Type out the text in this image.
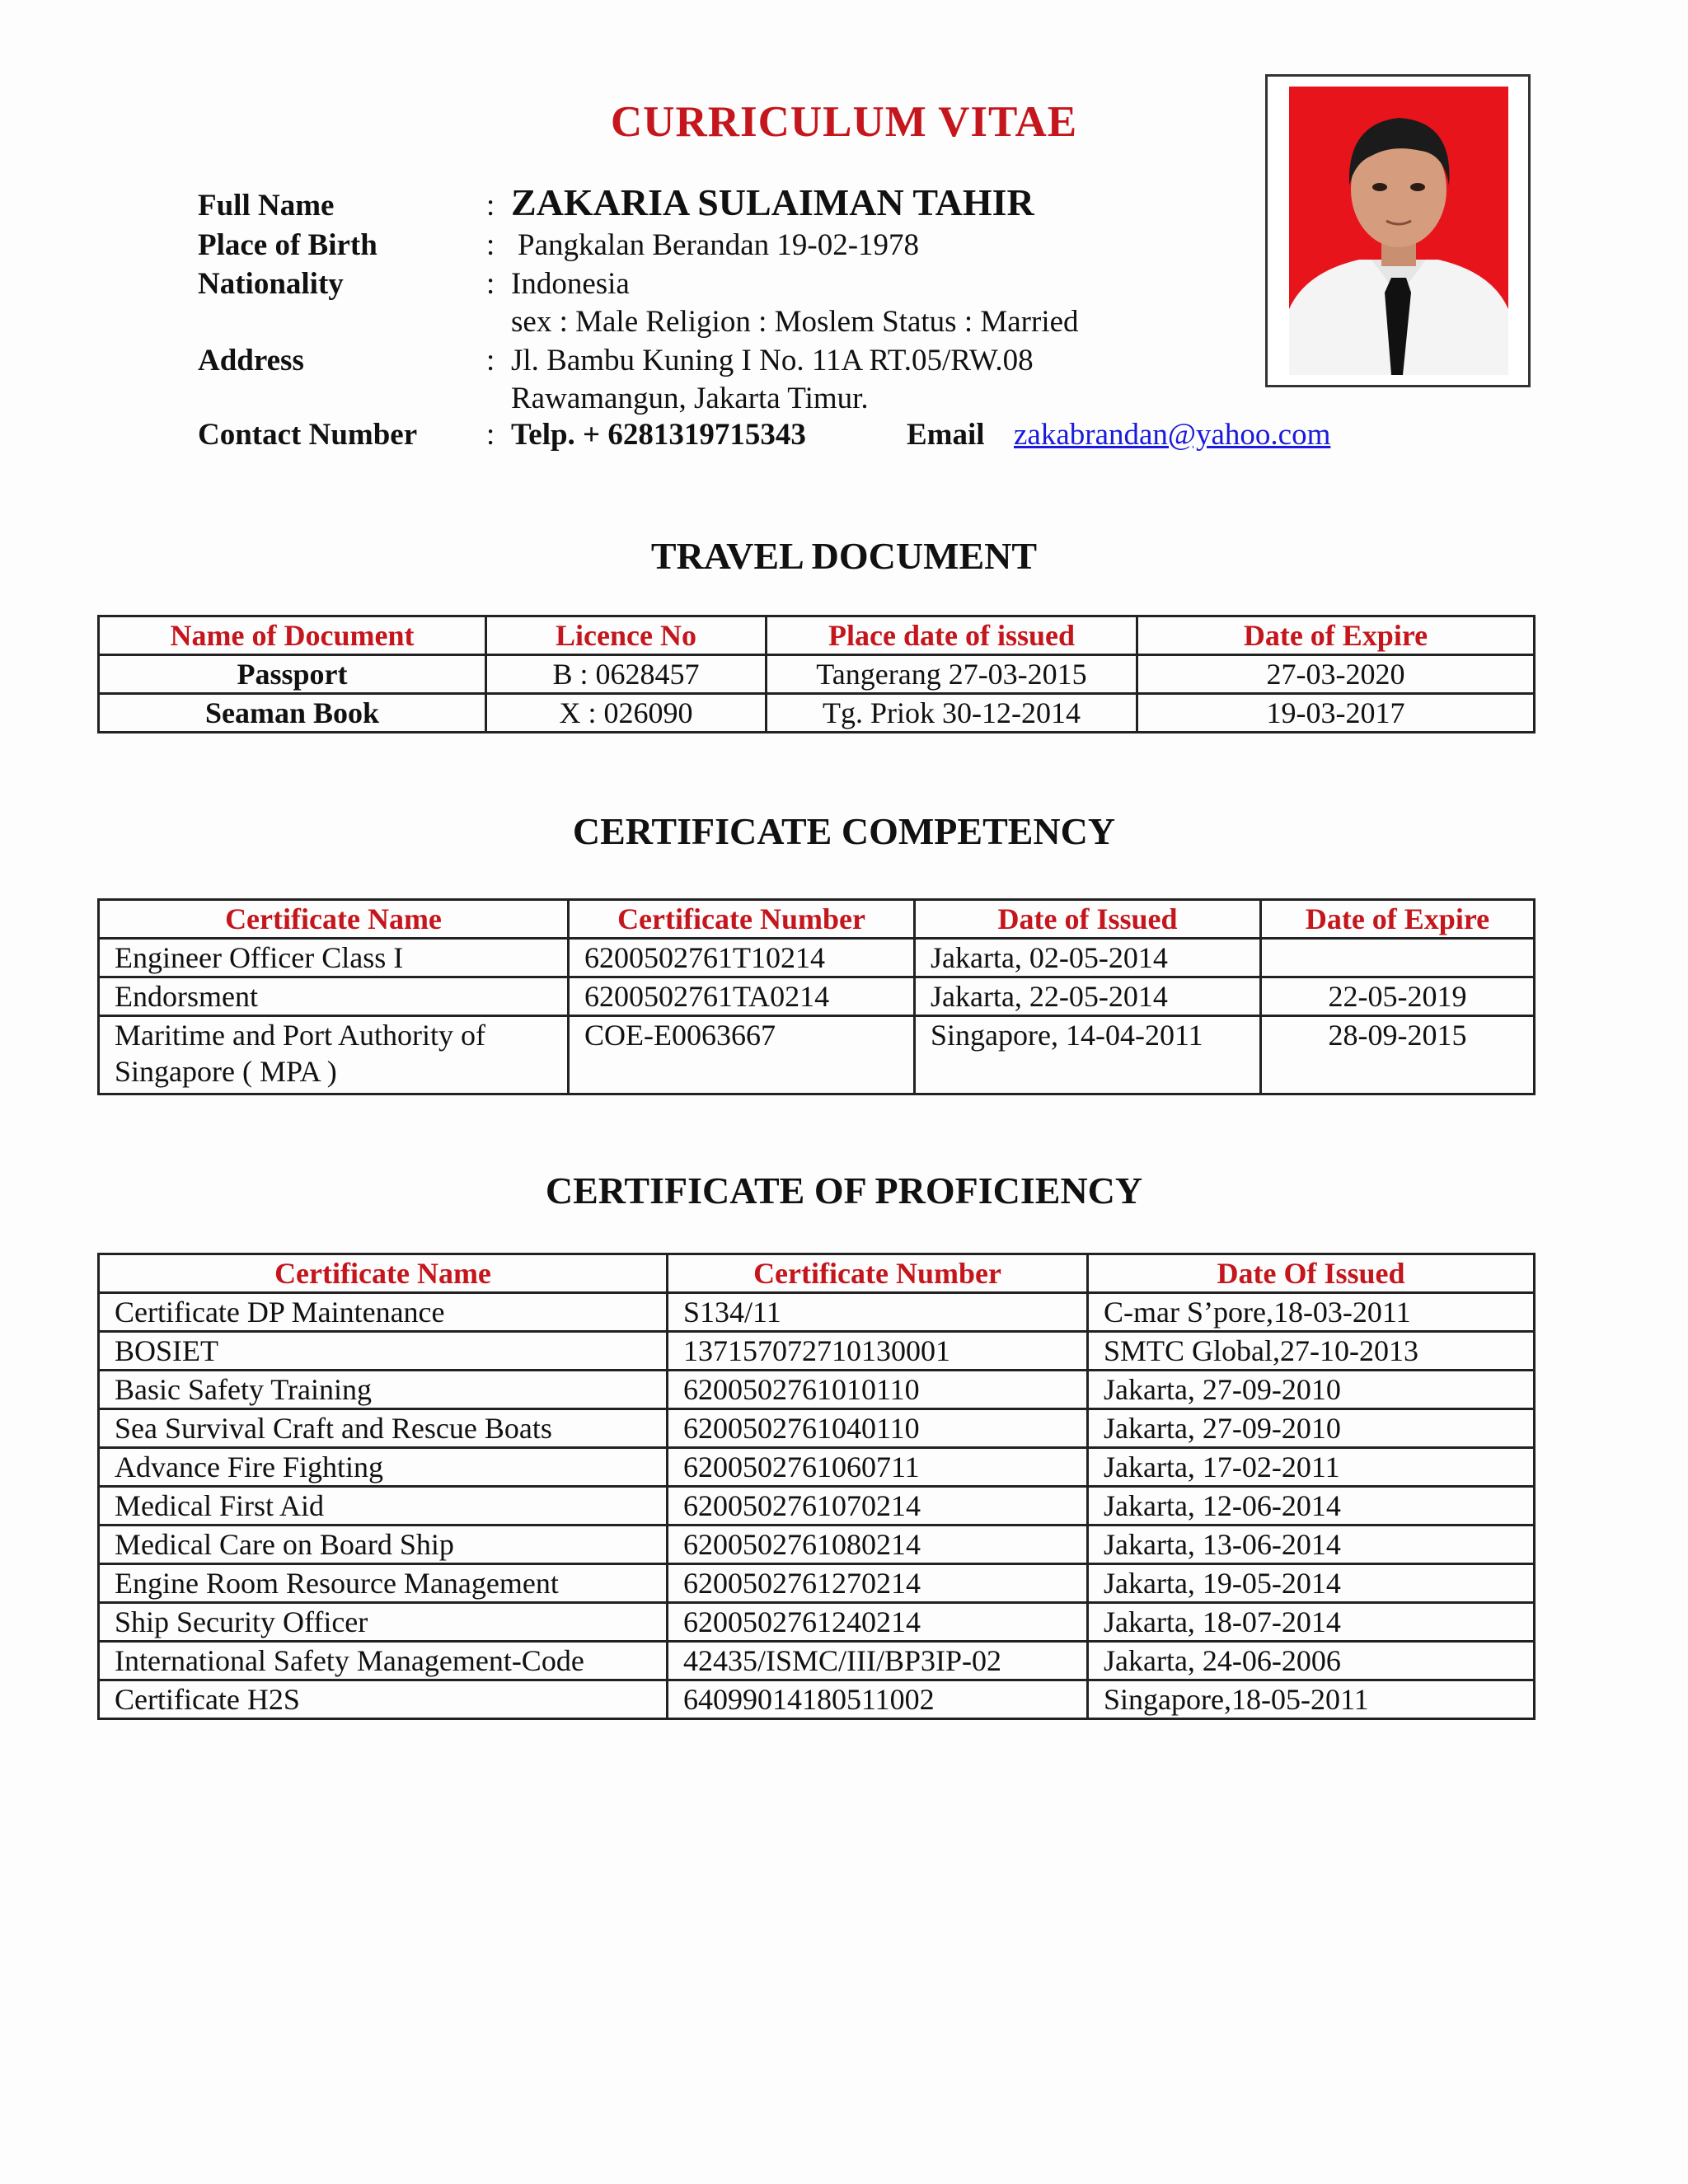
CURRICULUM VITAE
Full Name	: ZAKARIA SULAIMAN TAHIR
Place of Birth	: Pangkalan Berandan 19-02-1978
Nationality	: Indonesia
sex : Male Religion : Moslem Status : Married
Address	: Jl. Bambu Kuning I No. 11A RT.05/RW.08
Rawamangun, Jakarta Timur.
Contact Number : Telp. + 6281319715343	Email zakabrandan@yahoo.com
TRAVEL DOCUMENT
Name of Document	Licence No	Place date of issued	Date of Expire
Passport	B : 0628457	Tangerang 27-03-2015	27-03-2020
Seaman Book	X : 026090	Tg. Priok 30-12-2014	19-03-2017
CERTIFICATE COMPETENCY
Certificate Name	Certificate Number	Date of Issued	Date of Expire
Engineer Officer Class I	6200502761T10214	Jakarta, 02-05-2014	
Endorsment	6200502761TA0214	Jakarta, 22-05-2014	22-05-2019
Maritime and Port Authority of Singapore ( MPA )	COE-E0063667	Singapore, 14-04-2011	28-09-2015
CERTIFICATE OF PROFICIENCY
Certificate Name	Certificate Number	Date Of Issued
Certificate DP Maintenance	S134/11	C-mar S’pore,18-03-2011
BOSIET	137157072710130001	SMTC Global,27-10-2013
Basic Safety Training	6200502761010110	Jakarta, 27-09-2010
Sea Survival Craft and Rescue Boats	6200502761040110	Jakarta, 27-09-2010
Advance Fire Fighting	6200502761060711	Jakarta, 17-02-2011
Medical First Aid	6200502761070214	Jakarta, 12-06-2014
Medical Care on Board Ship	6200502761080214	Jakarta, 13-06-2014
Engine Room Resource Management	6200502761270214	Jakarta, 19-05-2014
Ship Security Officer	6200502761240214	Jakarta, 18-07-2014
International Safety Management-Code	42435/ISMC/III/BP3IP-02	Jakarta, 24-06-2006
Certificate H2S	64099014180511002	Singapore,18-05-2011
